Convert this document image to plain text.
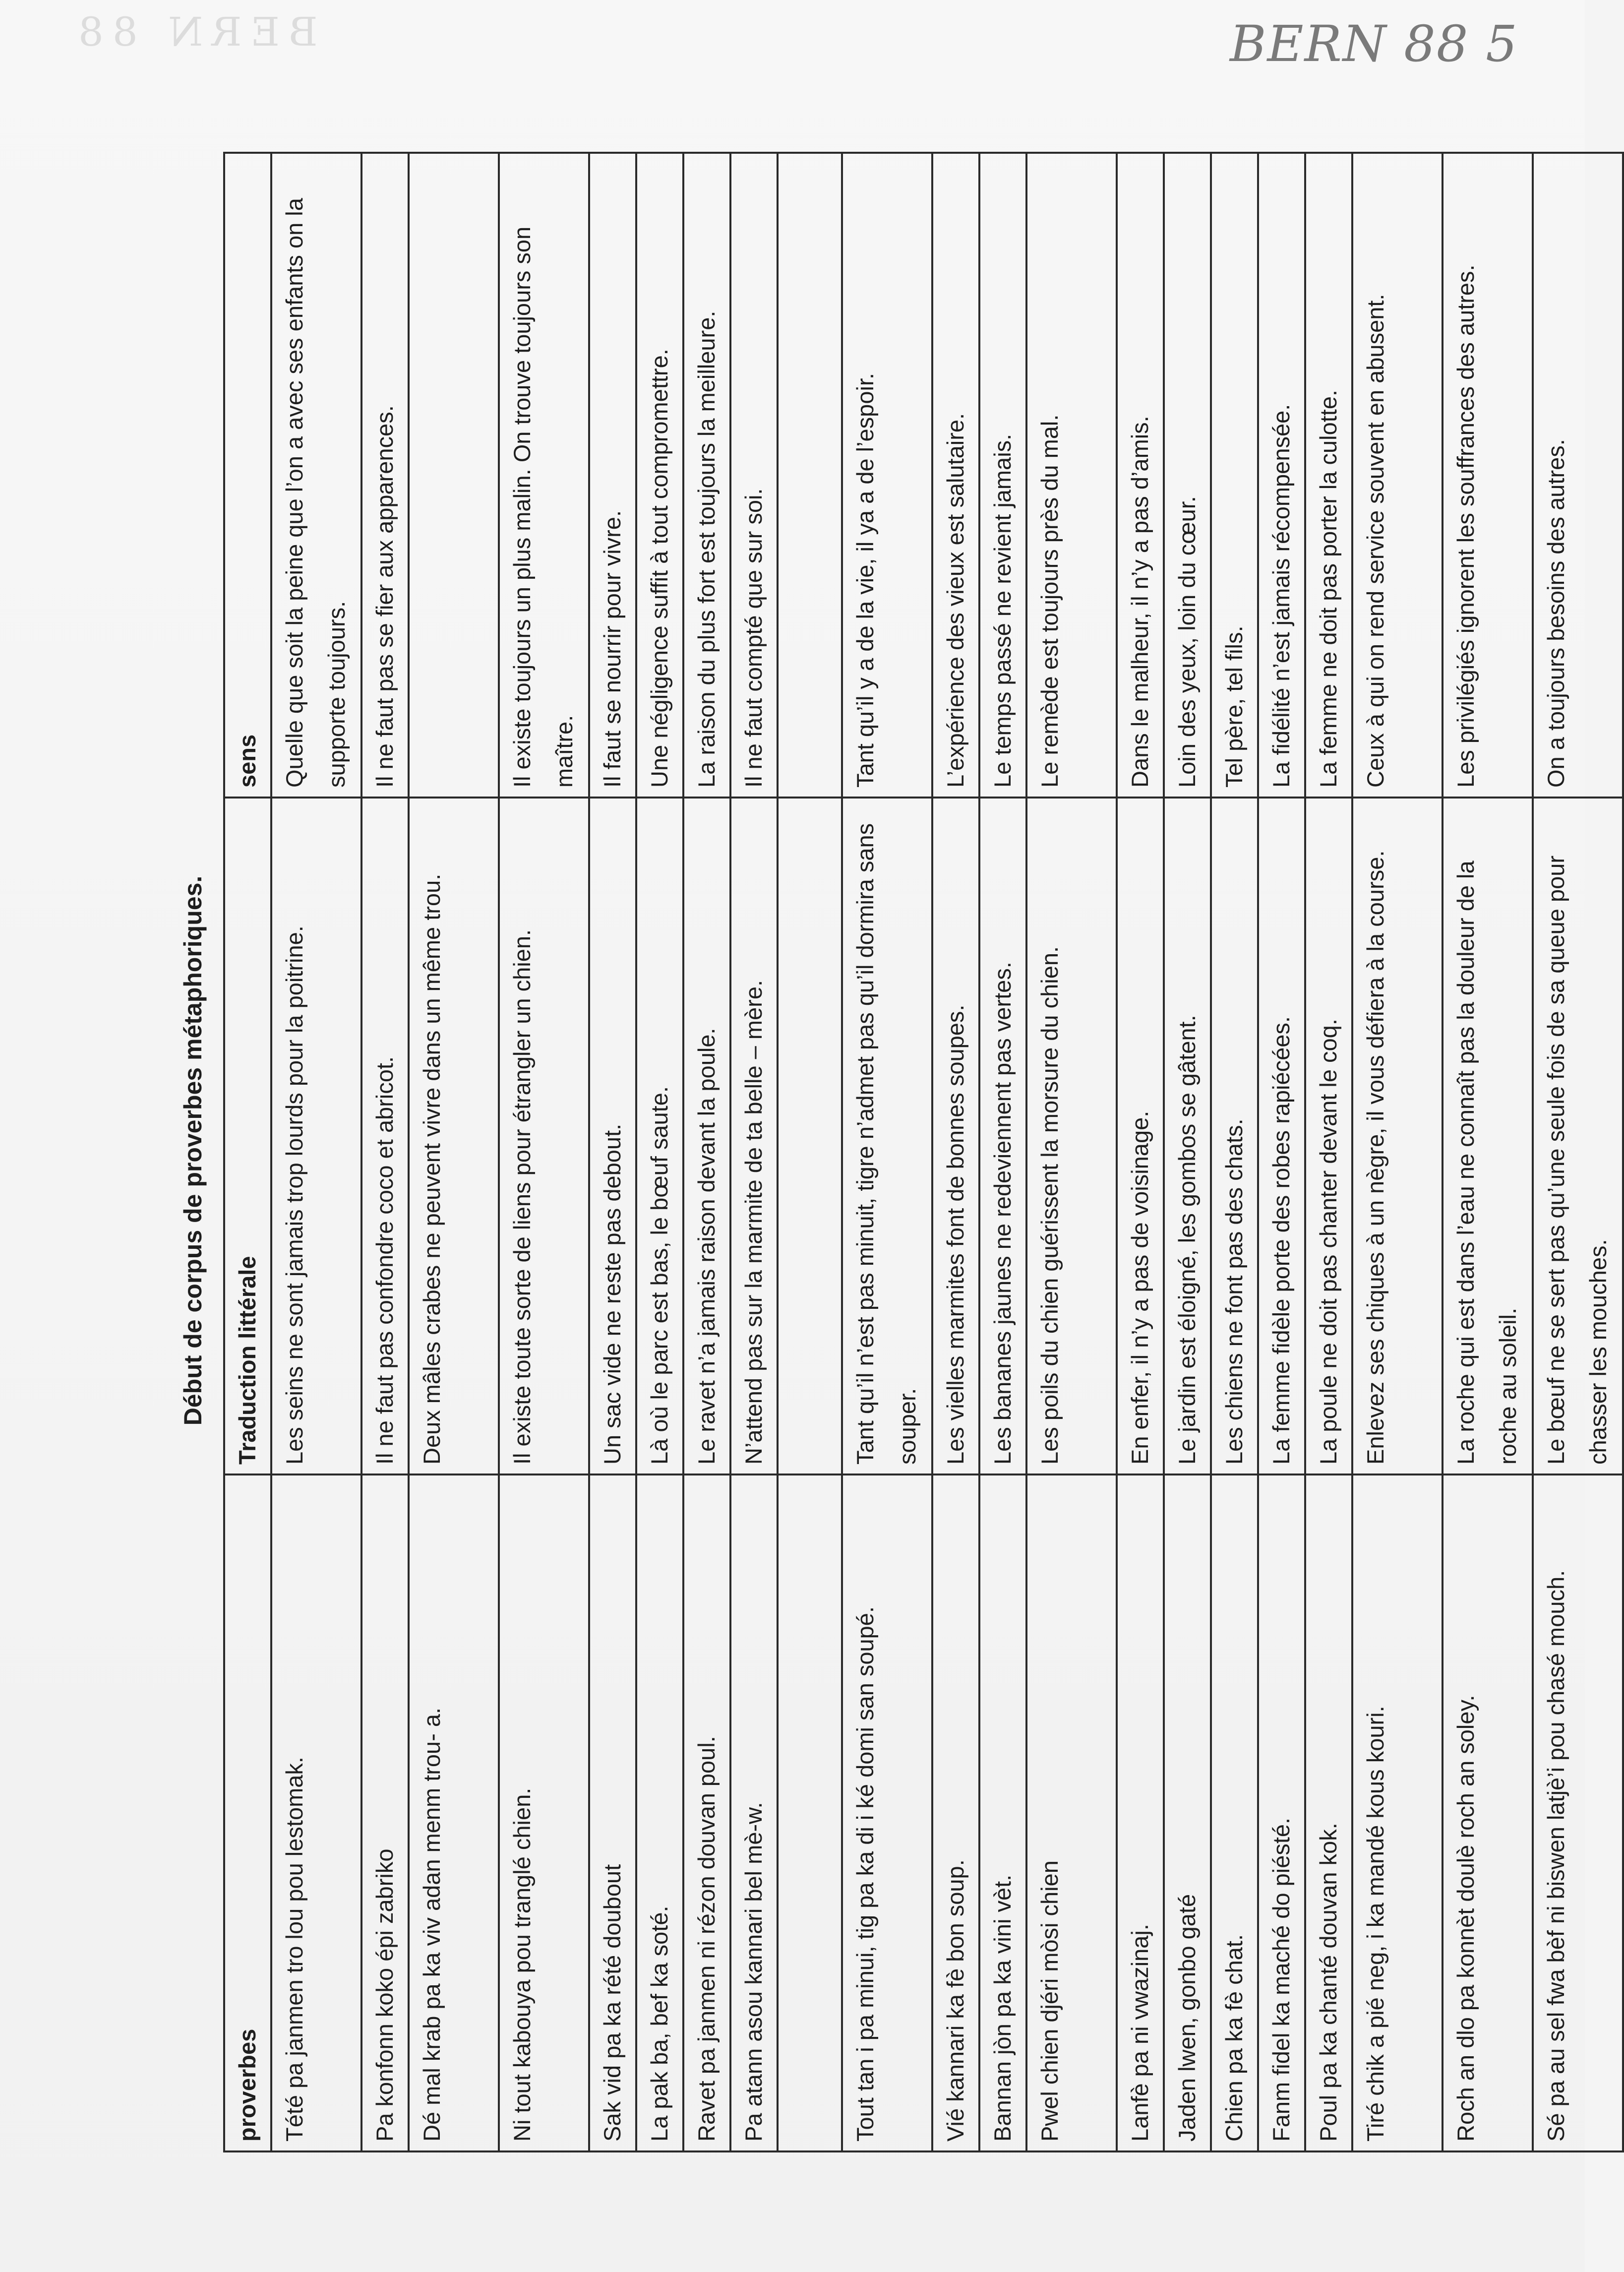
BERN 88	BERN 88 5
Début de corpus de proverbes métaphoriques.
proverbes	Traduction littérale	sens
Tété pa janmen tro lou pou lestomak.	Les seins ne sont jamais trop lourds pour la poitrine.	Quelle que soit la peine que l’on a avec ses enfants on la supporte toujours.
Pa konfonn koko épi zabriko	Il ne faut pas confondre coco et abricot.	Il ne faut pas se fier aux apparences.
Dé mal krab pa ka viv adan menm trou- a.	Deux mâles crabes ne peuvent vivre dans un même trou.	
Ni tout kabouya pou tranglé chien.	Il existe toute sorte de liens pour étrangler un chien.	Il existe toujours un plus malin. On trouve toujours son maître.
Sak vid pa ka rété doubout	Un sac vide ne reste pas debout.	Il faut se nourrir pour vivre.
La pak ba, bef ka soté.	Là où le parc est bas, le bœuf saute.	Une négligence suffit à tout compromettre.
Ravet pa janmen ni rézon douvan poul.	Le ravet n’a jamais raison devant la poule.	La raison du plus fort est toujours la meilleure.
Pa atann asou kannari bel mè-w.	N’attend pas sur la marmite de ta belle – mère.	Il ne faut compté que sur soi.

Tout tan i pa minui, tig pa ka di i ké domi san soupé.	Tant qu’il n’est pas minuit, tigre n’admet pas qu’il dormira sans souper.	Tant qu’il y a de la vie, il ya a de l’espoir.
Vié kannari ka fè bon soup.	Les vielles marmites font de bonnes soupes.	L’expérience des vieux est salutaire.
Bannan jòn pa ka vini vèt.	Les bananes jaunes ne redeviennent pas vertes.	Le temps passé ne revient jamais.
Pwel chien djéri mòsi chien	Les poils du chien guérissent la morsure du chien.	Le remède est toujours près du mal.
Lanfè pa ni vwazinaj.	En enfer, il n’y a pas de voisinage.	Dans le malheur, il n’y a pas d’amis.
Jaden lwen, gonbo gaté	Le jardin est éloigné, les gombos se gâtent.	Loin des yeux, loin du cœur.
Chien pa ka fè chat.	Les chiens ne font pas des chats.	Tel père, tel fils.
Fanm fidel ka maché do piésté.	La femme fidèle porte des robes rapiécées.	La fidélité n’est jamais récompensée.
Poul pa ka chanté douvan kok.	La poule ne doit pas chanter devant le coq.	La femme ne doit pas porter la culotte.
Tiré chik a pié neg, i ka mandé kous kouri.	Enlevez ses chiques à un nègre, il vous défiera à la course.	Ceux à qui on rend service souvent en abusent.
Roch an dlo pa konnèt doulè roch an soley.	La roche qui est dans l’eau ne connaît pas la douleur de la roche au soleil.	Les privilégiés ignorent les souffrances des autres.
Sé pa au sel fwa bèf ni biswen latjè’i pou chasé mouch.	Le bœuf ne se sert pas qu’une seule fois de sa queue pour chasser les mouches.	On a toujours besoins des autres.
